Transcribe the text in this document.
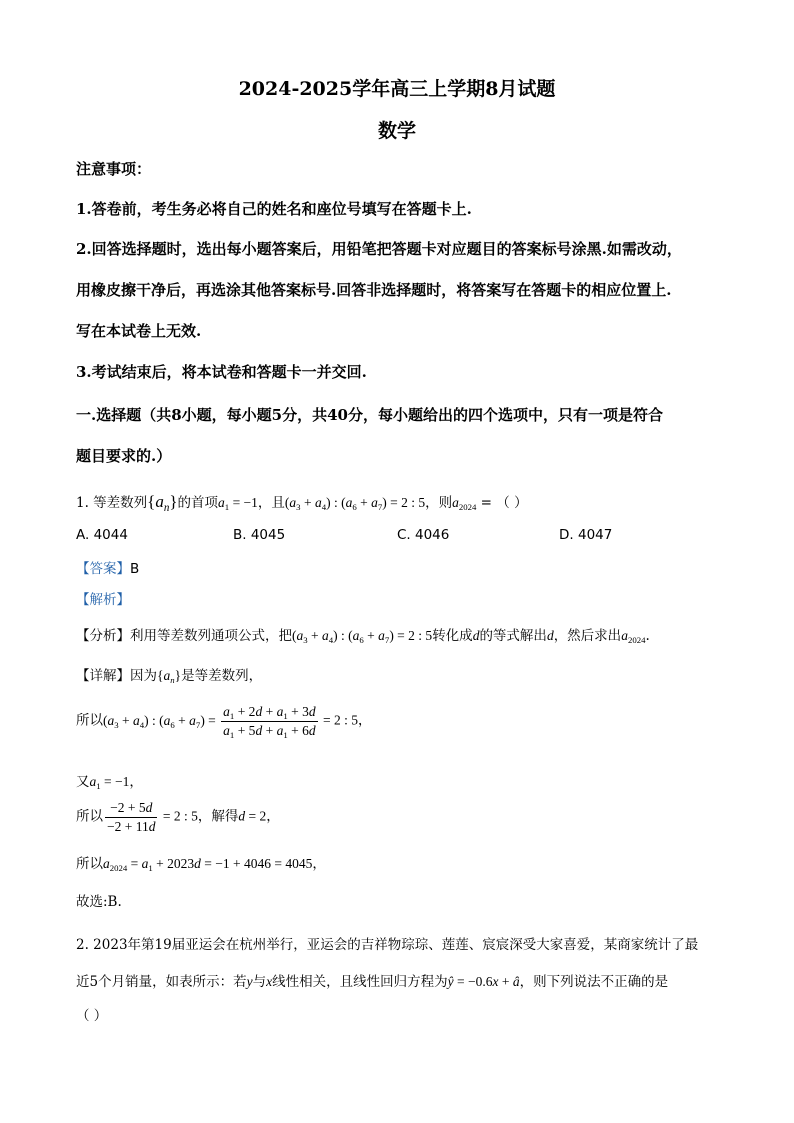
2024-2025学年高三上学期8月试题
数学
注意事项：
1.答卷前，考生务必将自己的姓名和座位号填写在答题卡上.
2.回答选择题时，选出每小题答案后，用铅笔把答题卡对应题目的答案标号涂黑.如需改动，
用橡皮擦干净后，再选涂其他答案标号.回答非选择题时，将答案写在答题卡的相应位置上.
写在本试卷上无效.
3.考试结束后，将本试卷和答题卡一并交回.
一.选择题（共8小题，每小题5分，共40分，每小题给出的四个选项中，只有一项是符合
题目要求的.）
1. 等差数列$\{a_n\}$的首项$a_1 = -1$，且$(a_3 + a_4)$ : $(a_6 + a_7) = 2$ : 5，则$a_{2024}$ = （ ）
A. 4044	B. 4045	C. 4046	D. 4047
【答案】B
【解析】
【分析】利用等差数列通项公式，把$(a_3 + a_4)$ : $(a_6 + a_7) = 2$ : 5转化成d的等式解出d，然后求出$a_{2024}$.
【详解】因为$\{a_n\}$是等差数列，
所以$(a_3 + a_4)$ : $(a_6 + a_7) = \frac{a_1 + 2d + a_1 + 3d}{a_1 + 5d + a_1 + 6d} = 2$ : 5，
又$a_1 = -1$，
所以 $\frac{-2 + 5d}{-2 + 11d} = 2$ : 5，解得d = 2，
所以$a_{2024} = a_1 + 2023d = -1 + 4046 = 4045$，
故选:B.
2. 2023年第19届亚运会在杭州举行，亚运会的吉祥物琮琮、莲莲、宸宸深受大家喜爱，某商家统计了最
近5个月销量，如表所示：若y与x线性相关，且线性回归方程为ŷ = −0.6x + â，则下列说法不正确的是
（ ）
